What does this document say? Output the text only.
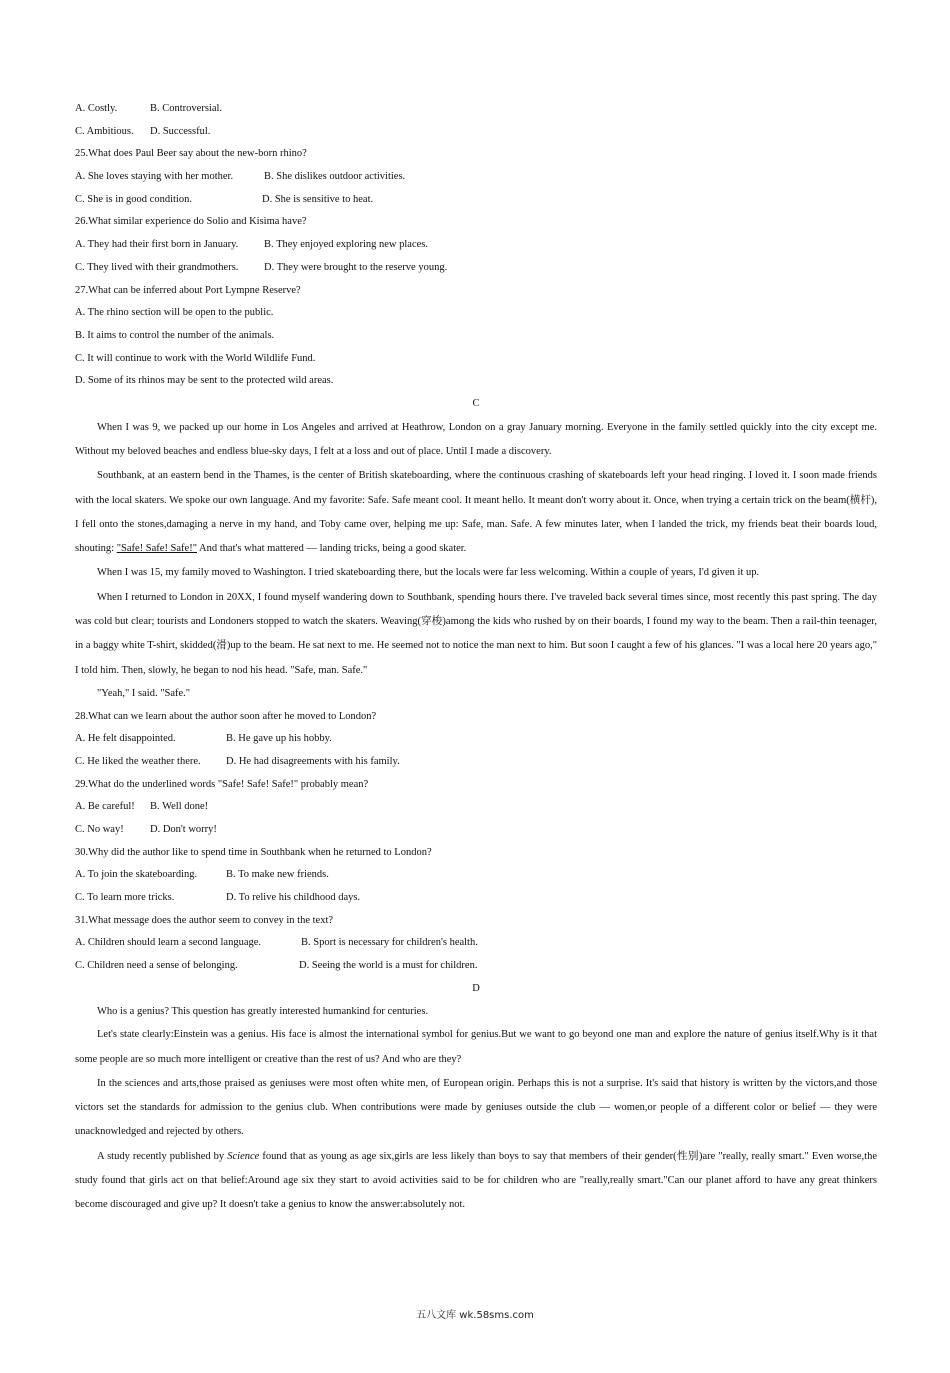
A. Costly.	B. Controversial.
C. Ambitious. D. Successful.
25.What does Paul Beer say about the new-born rhino?
A. She loves staying with her mother.	B. She dislikes outdoor activities.
C. She is in good condition.	D. She is sensitive to heat.
26.What similar experience do Solio and Kisima have?
A. They had their first born in January. B. They enjoyed exploring new places.
C. They lived with their grandmothers. D. They were brought to the reserve young.
27.What can be inferred about Port Lympne Reserve?
A. The rhino section will be open to the public.
B. It aims to control the number of the animals.
C. It will continue to work with the World Wildlife Fund.
D. Some of its rhinos may be sent to the protected wild areas.
C

When I was 9, we packed up our home in Los Angeles and arrived at Heathrow, London on a gray January morning. Everyone in the family settled quickly into the city except me. Without my beloved beaches and endless blue-sky days, I felt at a loss and out of place. Until I made a discovery.

Southbank, at an eastern bend in the Thames, is the center of British skateboarding, where the continuous crashing of skateboards left your head ringing. I loved it. I soon made friends with the local skaters. We spoke our own language. And my favorite: Safe. Safe meant cool. It meant hello. It meant don't worry about it. Once, when trying a certain trick on the beam(横杆), I fell onto the stones,damaging a nerve in my hand, and Toby came over, helping me up: Safe, man. Safe. A few minutes later, when I landed the trick, my friends beat their boards loud, shouting: "Safe! Safe! Safe!" And that's what mattered — landing tricks, being a good skater.

When I was 15, my family moved to Washington. I tried skateboarding there, but the locals were far less welcoming. Within a couple of years, I'd given it up.

When I returned to London in 20XX, I found myself wandering down to Southbank, spending hours there. I've traveled back several times since, most recently this past spring. The day was cold but clear; tourists and Londoners stopped to watch the skaters. Weaving(穿梭)among the kids who rushed by on their boards, I found my way to the beam. Then a rail-thin teenager, in a baggy white T-shirt, skidded(滑)up to the beam. He sat next to me. He seemed not to notice the man next to him. But soon I caught a few of his glances. "I was a local here 20 years ago," I told him. Then, slowly, he began to nod his head. "Safe, man. Safe."

"Yeah," I said. "Safe."

28.What can we learn about the author soon after he moved to London?
A. He felt disappointed.	B. He gave up his hobby.
C. He liked the weather there. D. He had disagreements with his family.
29.What do the underlined words "Safe! Safe! Safe!" probably mean?
A. Be careful! B. Well done!
C. No way!	D. Don't worry!
30.Why did the author like to spend time in Southbank when he returned to London?
A. To join the skateboarding.	B. To make new friends.
C. To learn more tricks.	D. To relive his childhood days.
31.What message does the author seem to convey in the text?
A. Children should learn a second language.	B. Sport is necessary for children's health.
C. Children need a sense of belonging.	D. Seeing the world is a must for children.
D

Who is a genius? This question has greatly interested humankind for centuries.

Let's state clearly:Einstein was a genius. His face is almost the international symbol for genius.But we want to go beyond one man and explore the nature of genius itself.Why is it that some people are so much more intelligent or creative than the rest of us? And who are they?

In the sciences and arts,those praised as geniuses were most often white men, of European origin. Perhaps this is not a surprise. It's said that history is written by the victors,and those victors set the standards for admission to the genius club. When contributions were made by geniuses outside the club — women,or people of a different color or belief — they were unacknowledged and rejected by others.

A study recently published by Science found that as young as age six,girls are less likely than boys to say that members of their gender(性别)are "really, really smart." Even worse,the study found that girls act on that belief:Around age six they start to avoid activities said to be for children who are "really,really smart."Can our planet afford to have any great thinkers become discouraged and give up? It doesn't take a genius to know the answer:absolutely not.

五八文库 wk.58sms.com
